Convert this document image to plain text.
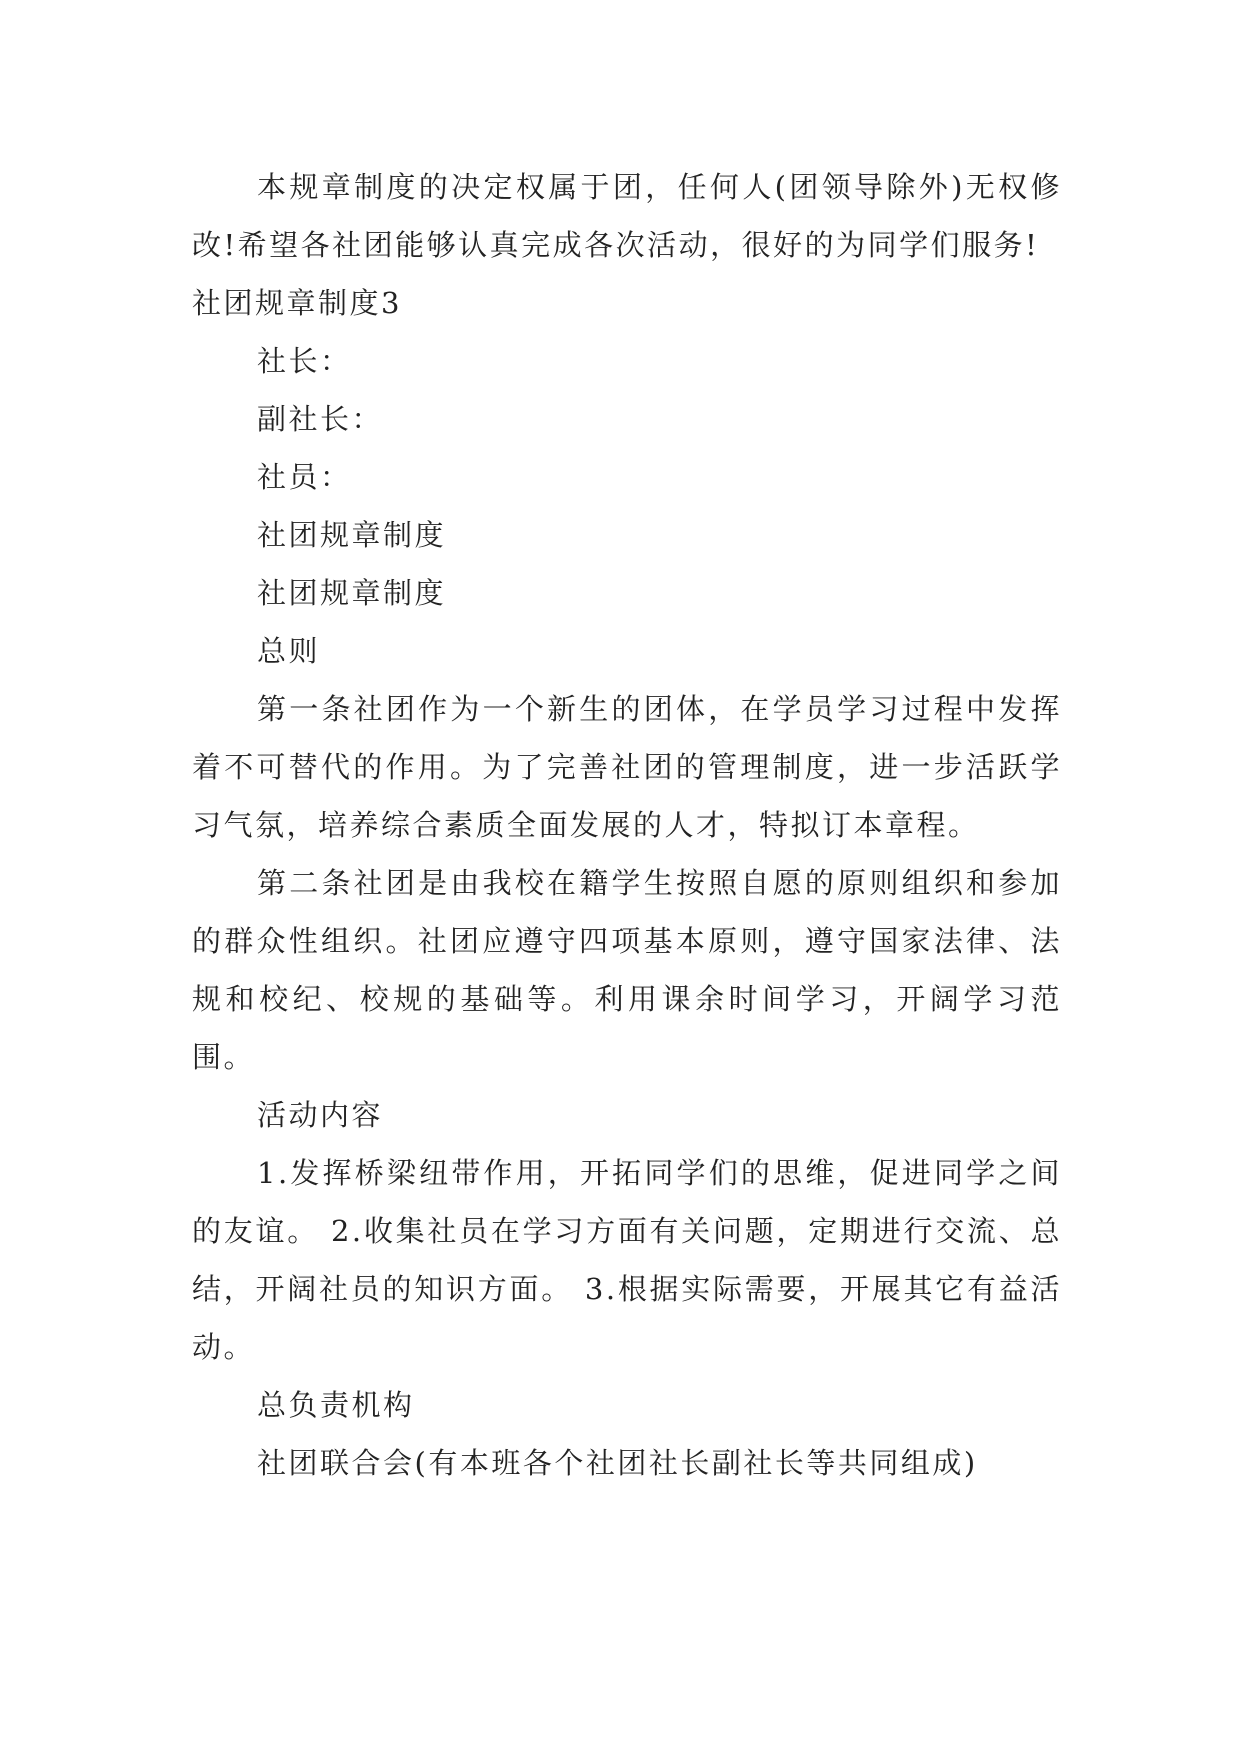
本规章制度的决定权属于团，任何人(团领导除外)无权修改!希望各社团能够认真完成各次活动，很好的为同学们服务!

社团规章制度3

社长：

副社长：

社员：

社团规章制度

社团规章制度

总则

第一条社团作为一个新生的团体，在学员学习过程中发挥着不可替代的作用。为了完善社团的管理制度，进一步活跃学习气氛，培养综合素质全面发展的人才，特拟订本章程。

第二条社团是由我校在籍学生按照自愿的原则组织和参加的群众性组织。社团应遵守四项基本原则，遵守国家法律、法规和校纪、校规的基础等。利用课余时间学习，开阔学习范围。

活动内容

1.发挥桥梁纽带作用，开拓同学们的思维，促进同学之间的友谊。 2.收集社员在学习方面有关问题，定期进行交流、总结，开阔社员的知识方面。 3.根据实际需要，开展其它有益活动。

总负责机构

社团联合会(有本班各个社团社长副社长等共同组成)
